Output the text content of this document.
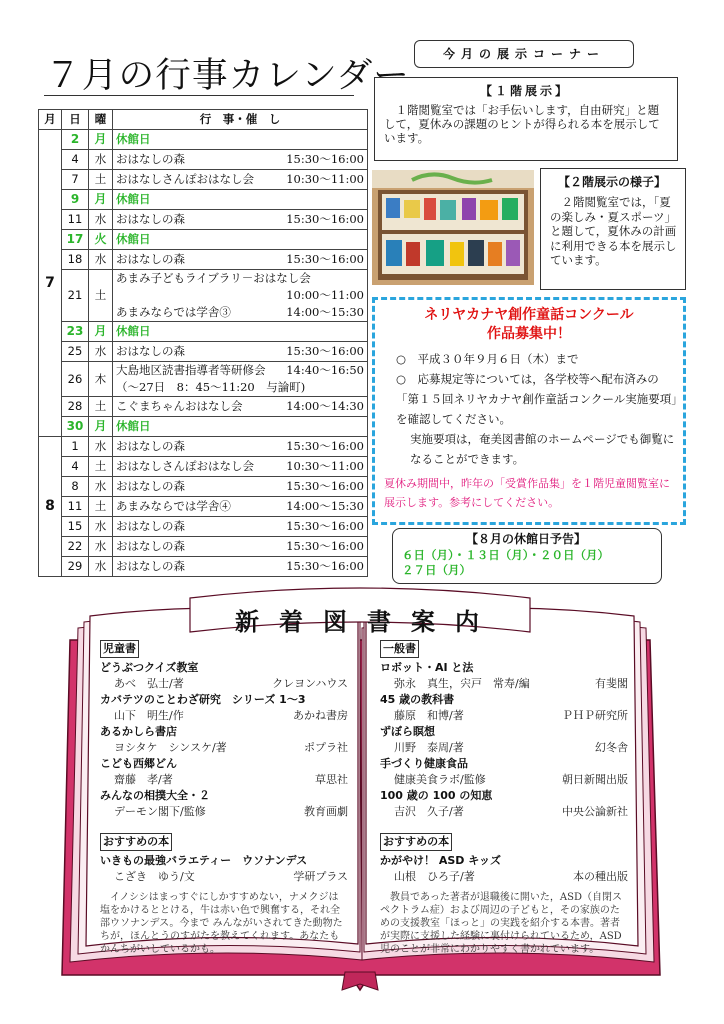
７月の行事カレンダー
月	日	曜	行　事・催　し
7	2	月	休館日

	4	水	おはなしの森 15:30～16:00

	7	土	おはなしさんぽおはなし会 10:30～11:00

	9	月	休館日

	11	水	おはなしの森 15:30～16:00

	17	火	休館日

	18	水	おはなしの森 15:30～16:00

	21	土	あまみ子どもライブラリ－おはなし会
10:00～11:00
あまみならでは学舎③ 14:00～15:30

	23	月	休館日

	25	水	おはなしの森 15:30～16:00

	26	木	大島地区読書指導者等研修会 14:40～16:50
（～27日　8：45～11:20　与論町)

	28	土	こぐまちゃんおはなし会 14:00～14:30

	30	月	休館日

8	1	水	おはなしの森 15:30～16:00

	4	土	おはなしさんぽおはなし会 10:30～11:00

	8	水	おはなしの森 15:30～16:00

	11	土	あまみならでは学舎④ 14:00～15:30

	15	水	おはなしの森 15:30～16:00

	22	水	おはなしの森 15:30～16:00

	29	水	おはなしの森 15:30～16:00
今月の展示コーナー
【１階展示】
　１階閲覧室では「お手伝いします，自由研究」と題して，夏休みの課題のヒントが得られる本を展示しています。
【２階展示の様子】
　２階閲覧室では，「夏の楽しみ・夏スポーツ」と題して，夏休みの計画に利用できる本を展示しています。
ネリヤカナヤ創作童話コンクール
作品募集中！
○　平成３０年９月６日（木）まで
○　応募規定等については，各学校等へ配布済みの「第１５回ネリヤカナヤ創作童話コンクール実施要項」を確認してください。
実施要項は，奄美図書館のホームページでも御覧になることができます。
夏休み期間中，昨年の「受賞作品集」を１階児童閲覧室に展示します。参考にしてください。
【８月の休館日予告】
６日（月）・１３日（月）・２０日（月）
２７日（月）
新着図書案内
児童書
どうぶつクイズ教室
あべ　弘士/著	クレヨンハウス
カバテツのことわざ研究　シリーズ 1～3
山下　明生/作	あかね書房
あるかしら書店
ヨシタケ　シンスケ/著	ポプラ社
こども西郷どん
齋藤　孝/著	草思社
みんなの相撲大全・２
デーモン閣下/監修	教育画劇
おすすめの本
いきもの最強バラエティー　ウソナンデス
こざき　ゆう/文	学研プラス
イノシシはまっすぐにしかすすめない，ナメクジは塩をかけるととける，牛は赤い色で興奮する，それ全部ウソナンデス。今まで みんながいされてきた動物たちが，ほんとうのすがたを教えてくれます。あなたもかんちがいしているかも。
一般書
ロボット・AI と法
弥永　真生，宍戸　常寿/編	有斐閣
45 歳の教科書
藤原　和博/著	ＰＨＰ研究所
ずぼら瞑想
川野　泰周/著	幻冬舎
手づくり健康食品
健康美食ラボ/監修	朝日新聞出版
100 歳の 100 の知恵
吉沢　久子/著	中央公論新社
おすすめの本
かがやけ！ ASD キッズ
山根　ひろ子/著	本の種出版
教員であった著者が退職後に開いた，ASD（自閉スペクトラム症）および周辺の子どもと，その家族のための支援教室「ほっと」の実践を紹介する本書。著者が実際に支援した経験に裏付けられているため，ASD 児のことが非常にわかりやすく書かれています。
